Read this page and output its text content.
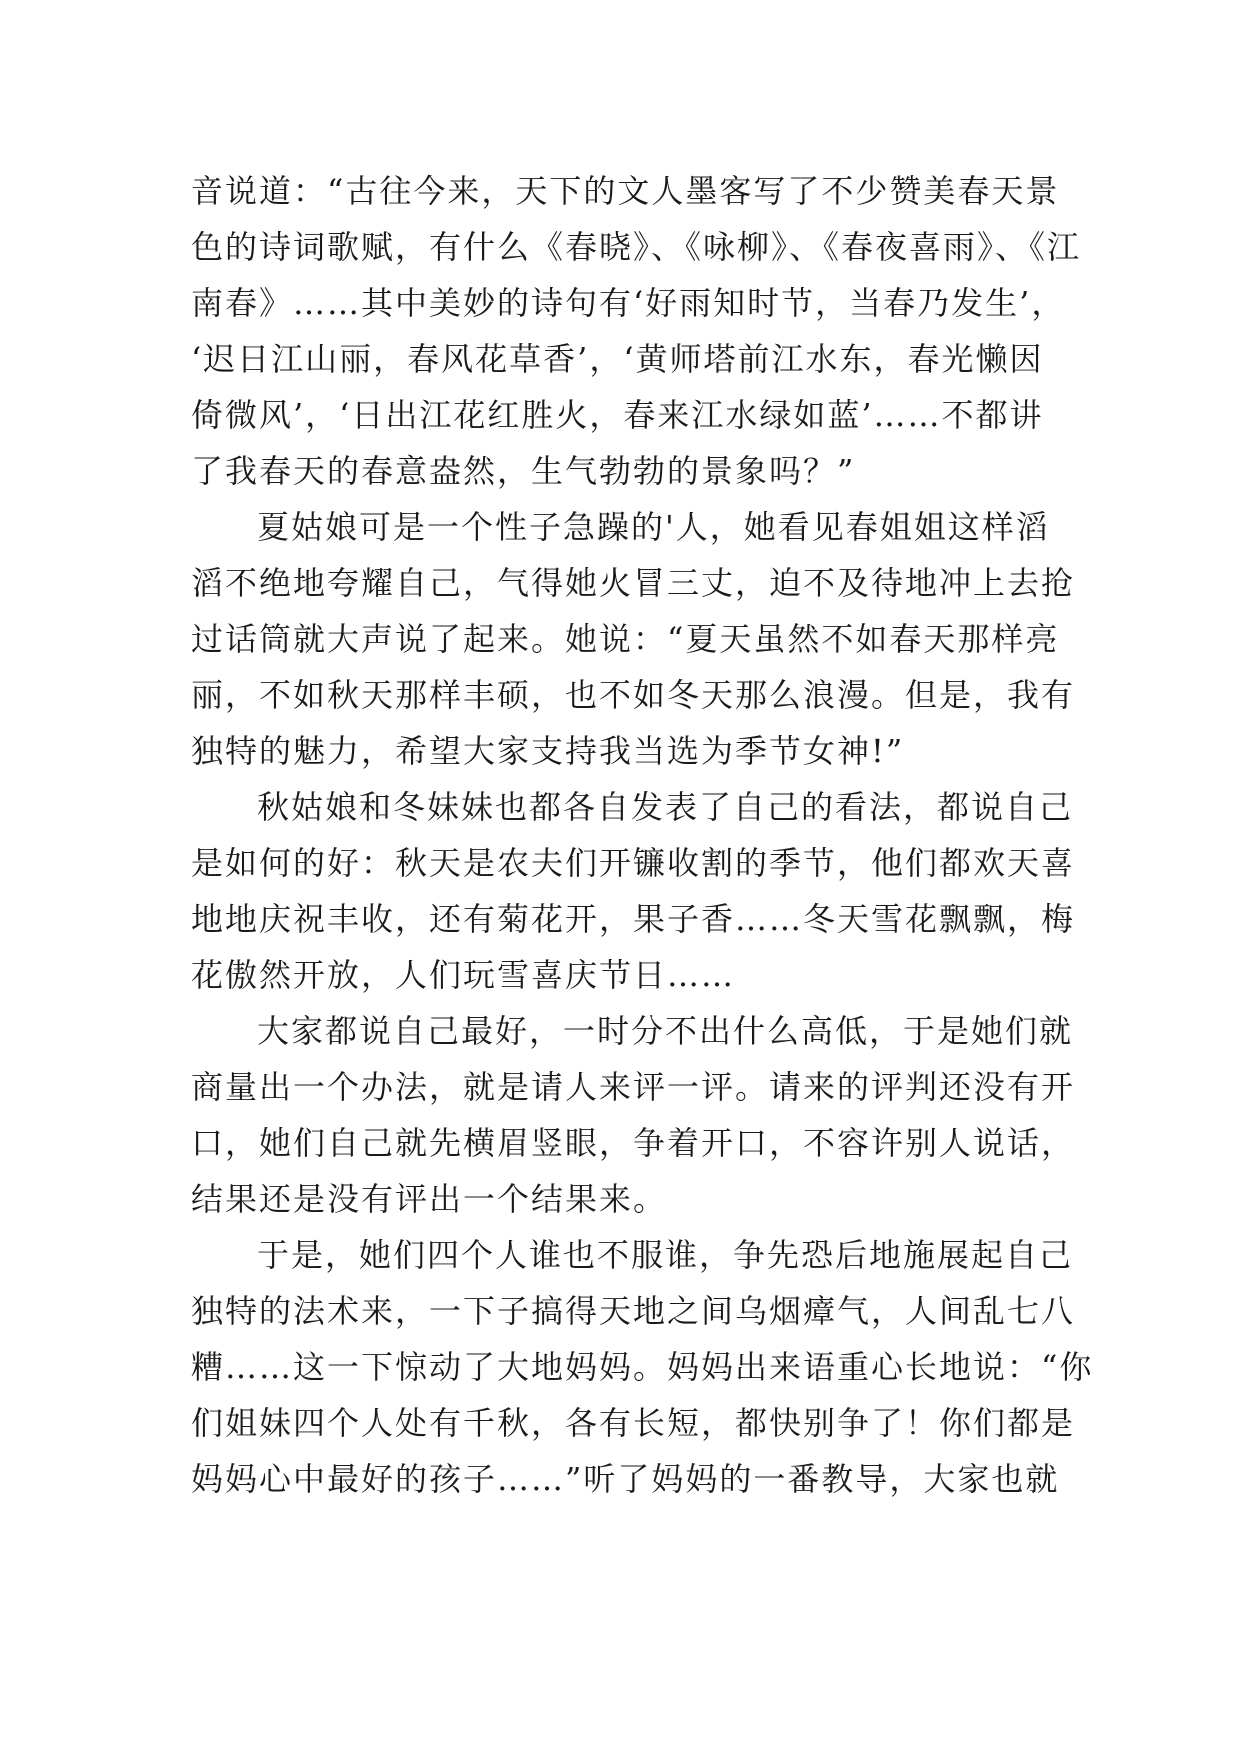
音说道：“古往今来，天下的文人墨客写了不少赞美春天景
色的诗词歌赋，有什么《春晓》、《咏柳》、《春夜喜雨》、《江
南春》……其中美妙的诗句有‘好雨知时节，当春乃发生’，
‘迟日江山丽，春风花草香’，‘黄师塔前江水东，春光懒因
倚微风’，‘日出江花红胜火，春来江水绿如蓝’……不都讲
了我春天的春意盎然，生气勃勃的景象吗？”
夏姑娘可是一个性子急躁的'人，她看见春姐姐这样滔
滔不绝地夸耀自己，气得她火冒三丈，迫不及待地冲上去抢
过话筒就大声说了起来。她说：“夏天虽然不如春天那样亮
丽，不如秋天那样丰硕，也不如冬天那么浪漫。但是，我有
独特的魅力，希望大家支持我当选为季节女神!”
秋姑娘和冬妹妹也都各自发表了自己的看法，都说自己
是如何的好：秋天是农夫们开镰收割的季节，他们都欢天喜
地地庆祝丰收，还有菊花开，果子香……冬天雪花飘飘，梅
花傲然开放，人们玩雪喜庆节日……
大家都说自己最好，一时分不出什么高低，于是她们就
商量出一个办法，就是请人来评一评。请来的评判还没有开
口，她们自己就先横眉竖眼，争着开口，不容许别人说话，
结果还是没有评出一个结果来。
于是，她们四个人谁也不服谁，争先恐后地施展起自己
独特的法术来，一下子搞得天地之间乌烟瘴气，人间乱七八
糟……这一下惊动了大地妈妈。妈妈出来语重心长地说：“你
们姐妹四个人处有千秋，各有长短，都快别争了！你们都是
妈妈心中最好的孩子……”听了妈妈的一番教导，大家也就
